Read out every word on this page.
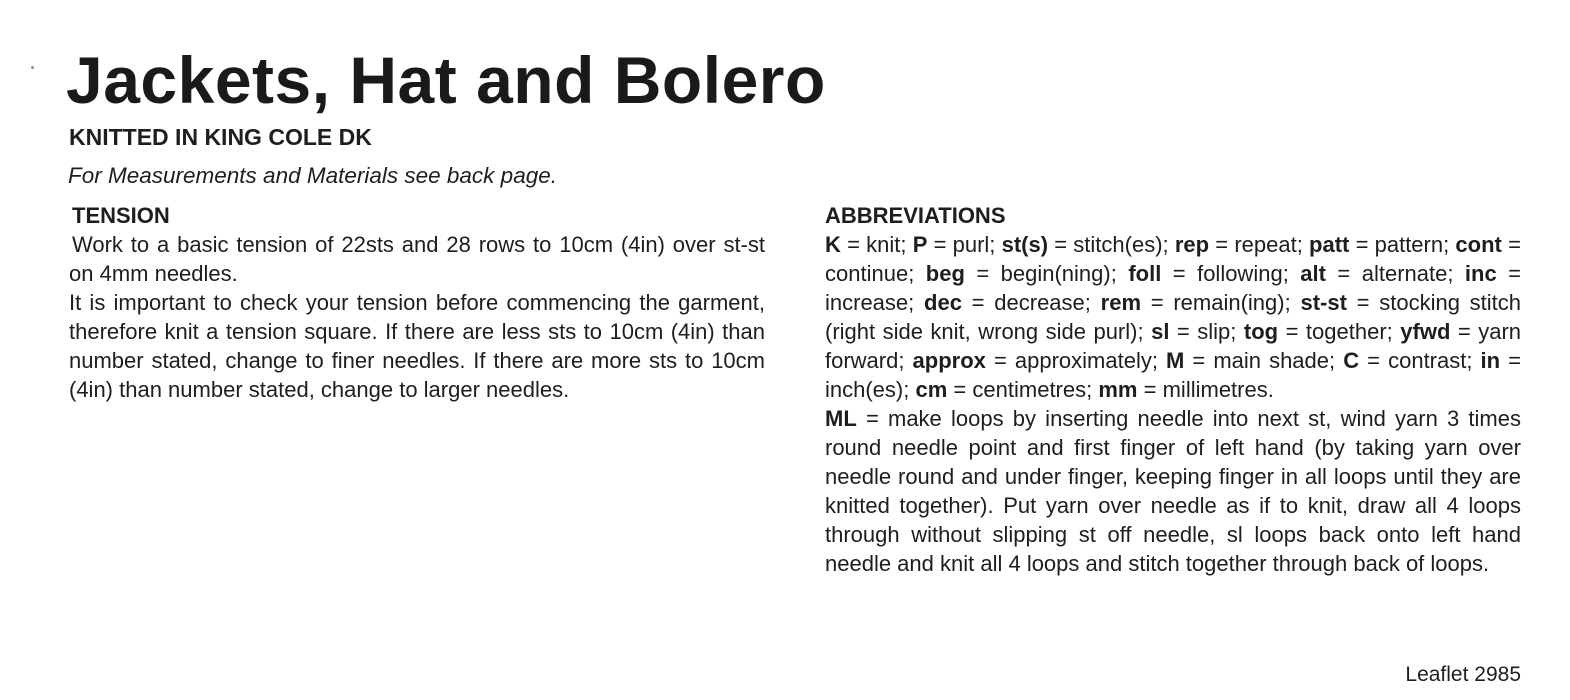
Jackets, Hat and Bolero

KNITTED IN KING COLE DK

For Measurements and Materials see back page.

TENSION

Work to a basic tension of 22sts and 28 rows to 10cm (4in) over st-st on 4mm needles.

It is important to check your tension before commencing the garment, therefore knit a tension square. If there are less sts to 10cm (4in) than number stated, change to finer needles. If there are more sts to 10cm (4in) than number stated, change to larger needles.

ABBREVIATIONS

K = knit; P = purl; st(s) = stitch(es); rep = repeat; patt = pattern; cont = continue; beg = begin(ning); foll = following; alt = alternate; inc = increase; dec = decrease; rem = remain(ing); st-st = stocking stitch (right side knit, wrong side purl); sl = slip; tog = together; yfwd = yarn forward; approx = approximately; M = main shade; C = contrast; in = inch(es); cm = centimetres; mm = millimetres.

ML = make loops by inserting needle into next st, wind yarn 3 times round needle point and first finger of left hand (by taking yarn over needle round and under finger, keeping finger in all loops until they are knitted together). Put yarn over needle as if to knit, draw all 4 loops through without slipping st off needle, sl loops back onto left hand needle and knit all 4 loops and stitch together through back of loops.

Leaflet 2985
